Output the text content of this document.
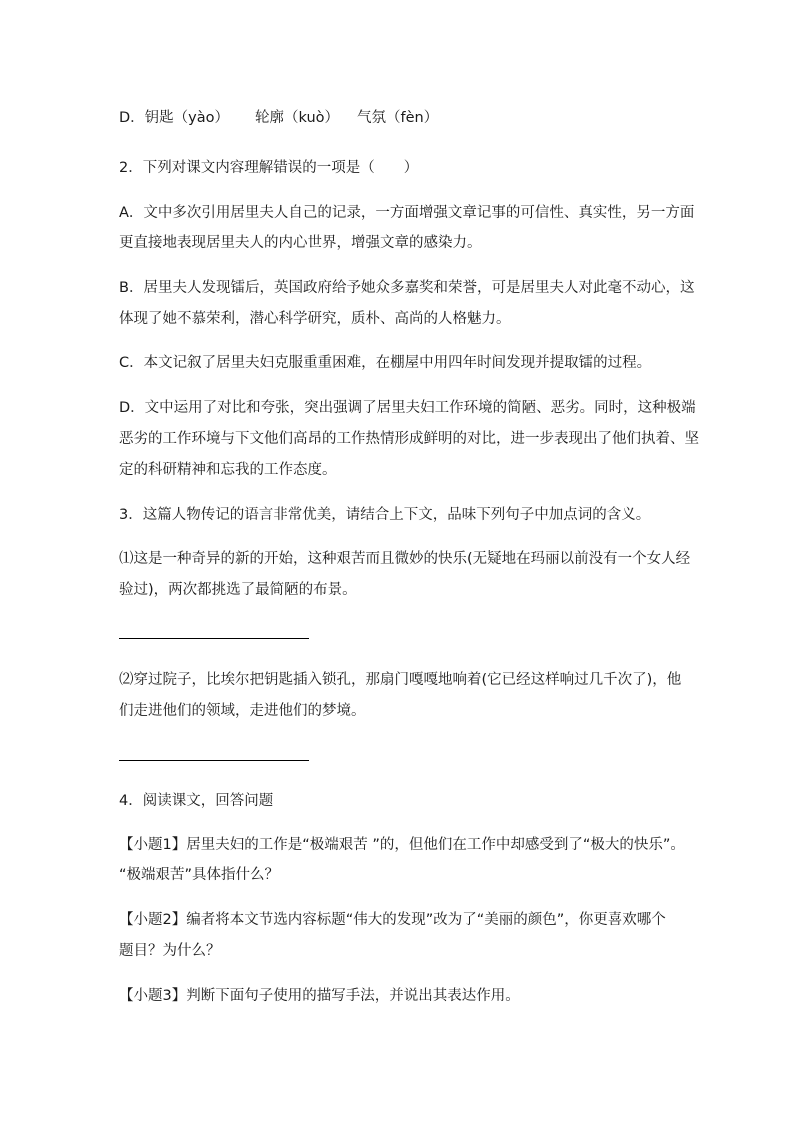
D．钥匙（yào） 轮廓（kuò） 气氛（fèn）
2．下列对课文内容理解错误的一项是（　　）
A．文中多次引用居里夫人自己的记录，一方面增强文章记事的可信性、真实性，另一方面
更直接地表现居里夫人的内心世界，增强文章的感染力。
B．居里夫人发现镭后，英国政府给予她众多嘉奖和荣誉，可是居里夫人对此毫不动心，这
体现了她不慕荣利，潜心科学研究，质朴、高尚的人格魅力。
C．本文记叙了居里夫妇克服重重困难，在棚屋中用四年时间发现并提取镭的过程。
D．文中运用了对比和夸张，突出强调了居里夫妇工作环境的简陋、恶劣。同时，这种极端
恶劣的工作环境与下文他们高昂的工作热情形成鲜明的对比，进一步表现出了他们执着、坚
定的科研精神和忘我的工作态度。
3．这篇人物传记的语言非常优美，请结合上下文，品味下列句子中加点词的含义。
⑴这是一种奇异的新的开始，这种艰苦而且微妙的快乐(无疑地在玛丽以前没有一个女人经
验过)，两次都挑选了最简陋的布景。
⑵穿过院子，比埃尔把钥匙插入锁孔，那扇门嘎嘎地响着(它已经这样响过几千次了)，他
们走进他们的领域，走进他们的梦境。
4．阅读课文，回答问题
【小题1】居里夫妇的工作是“极端艰苦 ”的，但他们在工作中却感受到了“极大的快乐”。
“极端艰苦”具体指什么？
【小题2】编者将本文节选内容标题“伟大的发现”改为了“美丽的颜色”，你更喜欢哪个
题目？为什么？
【小题3】判断下面句子使用的描写手法，并说出其表达作用。
